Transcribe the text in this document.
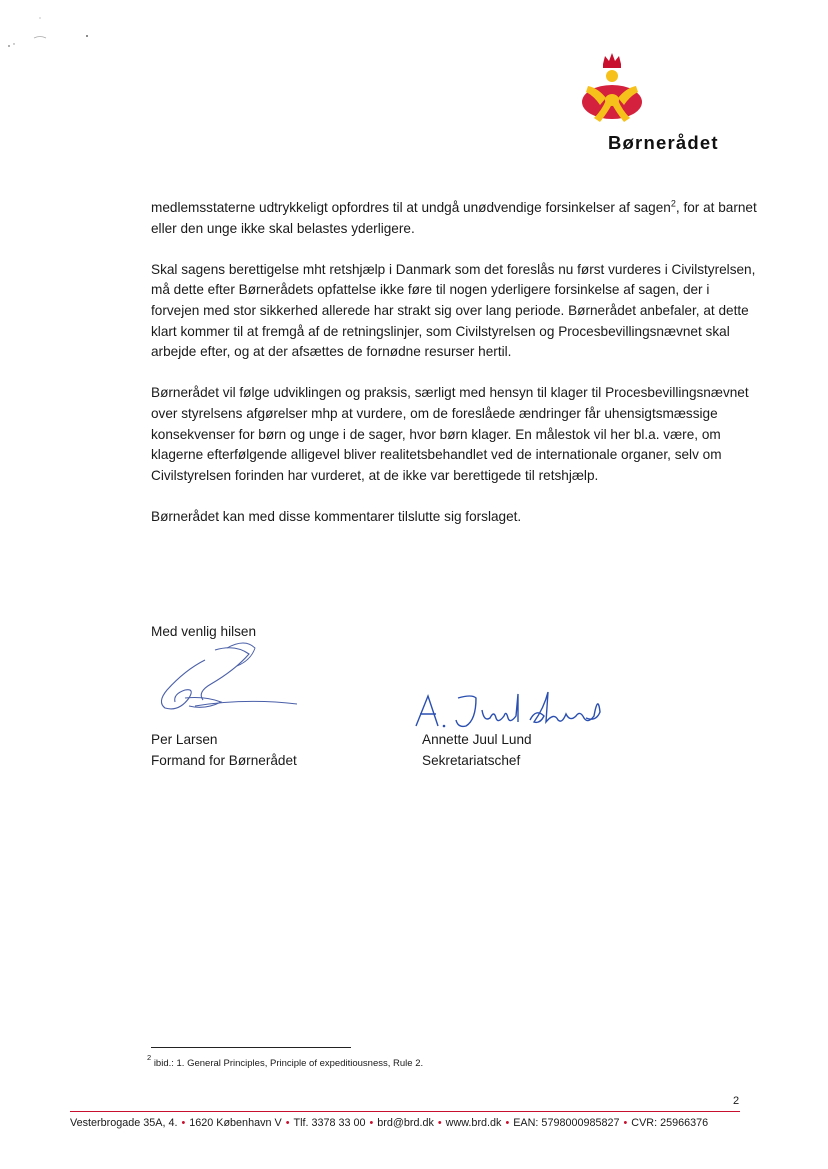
Børnerådet

medlemsstaterne udtrykkeligt opfordres til at undgå unødvendige forsinkelser af sagen$^2$, for at barnet eller den unge ikke skal belastes yderligere.

Skal sagens berettigelse mht retshjælp i Danmark som det foreslås nu først vurderes i Civilstyrelsen, må dette efter Børnerådets opfattelse ikke føre til nogen yderligere forsinkelse af sagen, der i forvejen med stor sikkerhed allerede har strakt sig over lang periode. Børnerådet anbefaler, at dette klart kommer til at fremgå af de retningslinjer, som Civilstyrelsen og Procesbevillingsnævnet skal arbejde efter, og at der afsættes de fornødne resurser hertil.

Børnerådet vil følge udviklingen og praksis, særligt med hensyn til klager til Procesbevillingsnævnet over styrelsens afgørelser mhp at vurdere, om de foreslåede ændringer får uhensigtsmæssige konsekvenser for børn og unge i de sager, hvor børn klager. En målestok vil her bl.a. være, om klagerne efterfølgende alligevel bliver realitetsbehandlet ved de internationale organer, selv om Civilstyrelsen forinden har vurderet, at de ikke var berettigede til retshjælp.

Børnerådet kan med disse kommentarer tilslutte sig forslaget.

Med venlig hilsen
Per Larsen
Formand for Børnerådet
Annette Juul Lund
Sekretariatschef
$^2$ ibid.: 1. General Principles, Principle of expeditiousness, Rule 2.
2
Vesterbrogade 35A, 4. • 1620 København V • Tlf. 3378 33 00 • brd@brd.dk • www.brd.dk • EAN: 5798000985827 • CVR: 25966376
